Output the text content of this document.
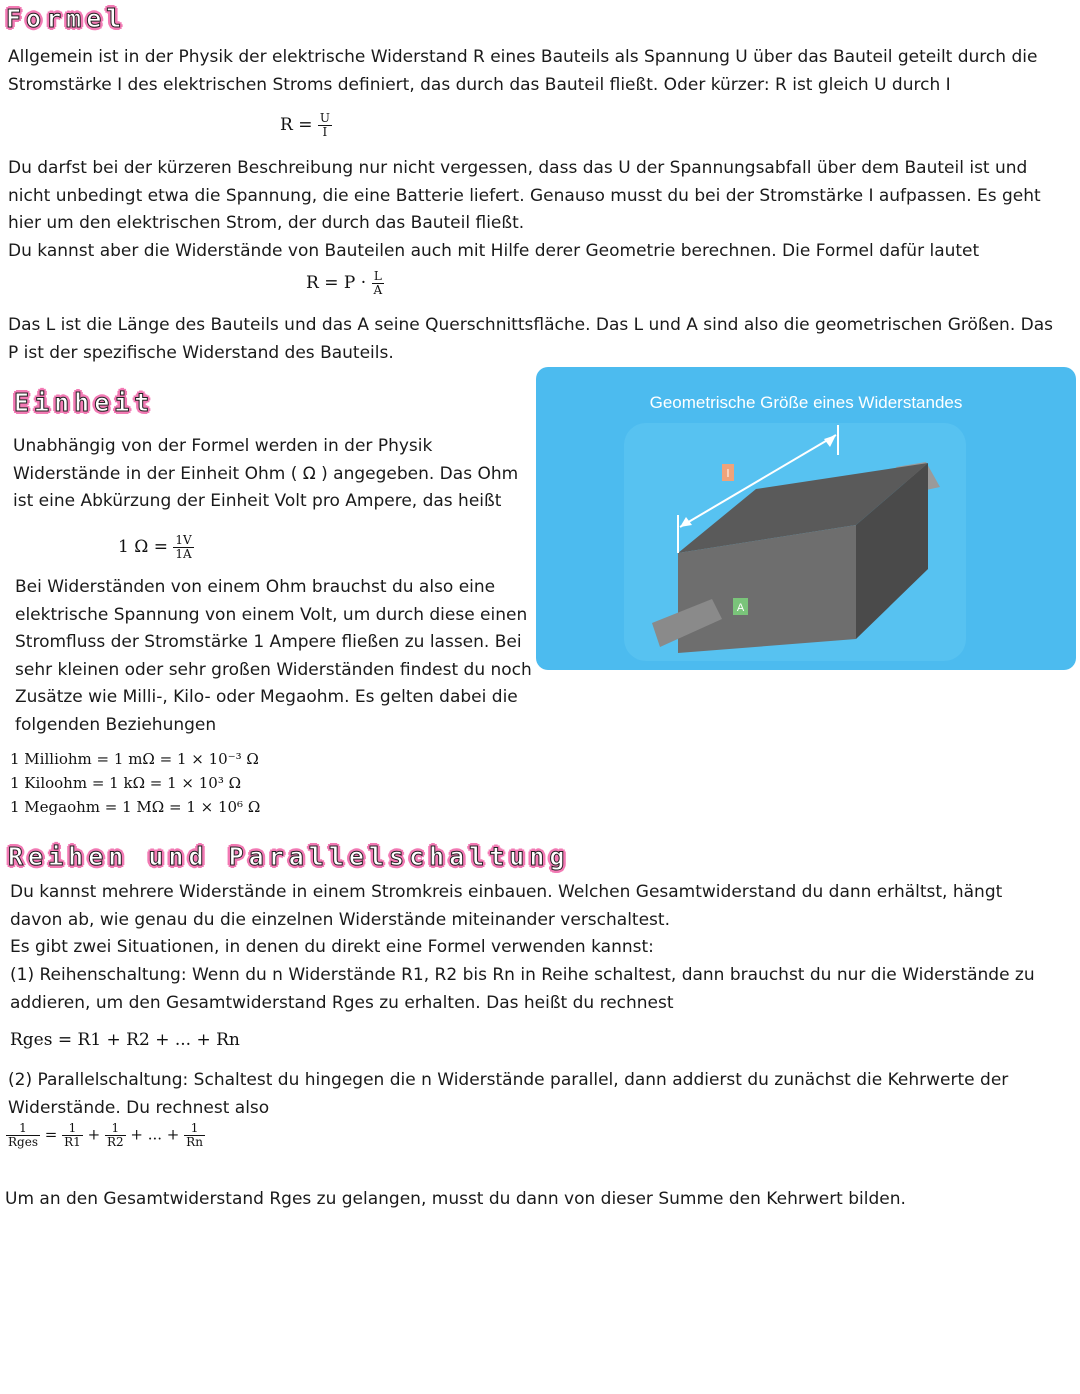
Formel

Allgemein ist in der Physik der elektrische Widerstand R eines Bauteils als Spannung U über das Bauteil geteilt durch die Stromstärke I des elektrischen Stroms definiert, das durch das Bauteil fließt. Oder kürzer: R ist gleich U durch I

$R = \frac{U}{I}$

Du darfst bei der kürzeren Beschreibung nur nicht vergessen, dass das U der Spannungsabfall über dem Bauteil ist und nicht unbedingt etwa die Spannung, die eine Batterie liefert. Genauso musst du bei der Stromstärke I aufpassen. Es geht hier um den elektrischen Strom, der durch das Bauteil fließt.

Du kannst aber die Widerstände von Bauteilen auch mit Hilfe derer Geometrie berechnen. Die Formel dafür lautet

$R = P \cdot \frac{L}{A}$

Das L ist die Länge des Bauteils und das A seine Querschnittsfläche. Das L und A sind also die geometrischen Größen. Das P ist der spezifische Widerstand des Bauteils.

Geometrische Größe eines Widerstandes
l
A
Einheit

Unabhängig von der Formel werden in der Physik Widerstände in der Einheit Ohm ( Ω ) angegeben. Das Ohm ist eine Abkürzung der Einheit Volt pro Ampere, das heißt

1 $\Omega = \frac{1V}{1A}$

Bei Widerständen von einem Ohm brauchst du also eine elektrische Spannung von einem Volt, um durch diese einen Stromfluss der Stromstärke 1 Ampere fließen zu lassen. Bei sehr kleinen oder sehr großen Widerständen findest du noch Zusätze wie Milli-, Kilo- oder Megaohm. Es gelten dabei die folgenden Beziehungen

1 Milliohm = 1 mΩ = 1 × 10⁻³ Ω
1 Kiloohm = 1 kΩ = 1 × 10³ Ω
1 Megaohm = 1 MΩ = 1 × 10⁶ Ω
Reihen und Parallelschaltung

Du kannst mehrere Widerstände in einem Stromkreis einbauen. Welchen Gesamtwiderstand du dann erhältst, hängt davon ab, wie genau du die einzelnen Widerstände miteinander verschaltest.

Es gibt zwei Situationen, in denen du direkt eine Formel verwenden kannst:

(1) Reihenschaltung: Wenn du n Widerstände R1, R2 bis Rn in Reihe schaltest, dann brauchst du nur die Widerstände zu addieren, um den Gesamtwiderstand Rges zu erhalten. Das heißt du rechnest

Rges = R1 + R2 + ... + Rn

(2) Parallelschaltung: Schaltest du hingegen die n Widerstände parallel, dann addierst du zunächst die Kehrwerte der Widerstände. Du rechnest also

$\frac{1}{\text{Rges}} = \frac{1}{R1} + \frac{1}{R2}$ + ... + $\frac{1}{Rn}$

Um an den Gesamtwiderstand Rges zu gelangen, musst du dann von dieser Summe den Kehrwert bilden.
